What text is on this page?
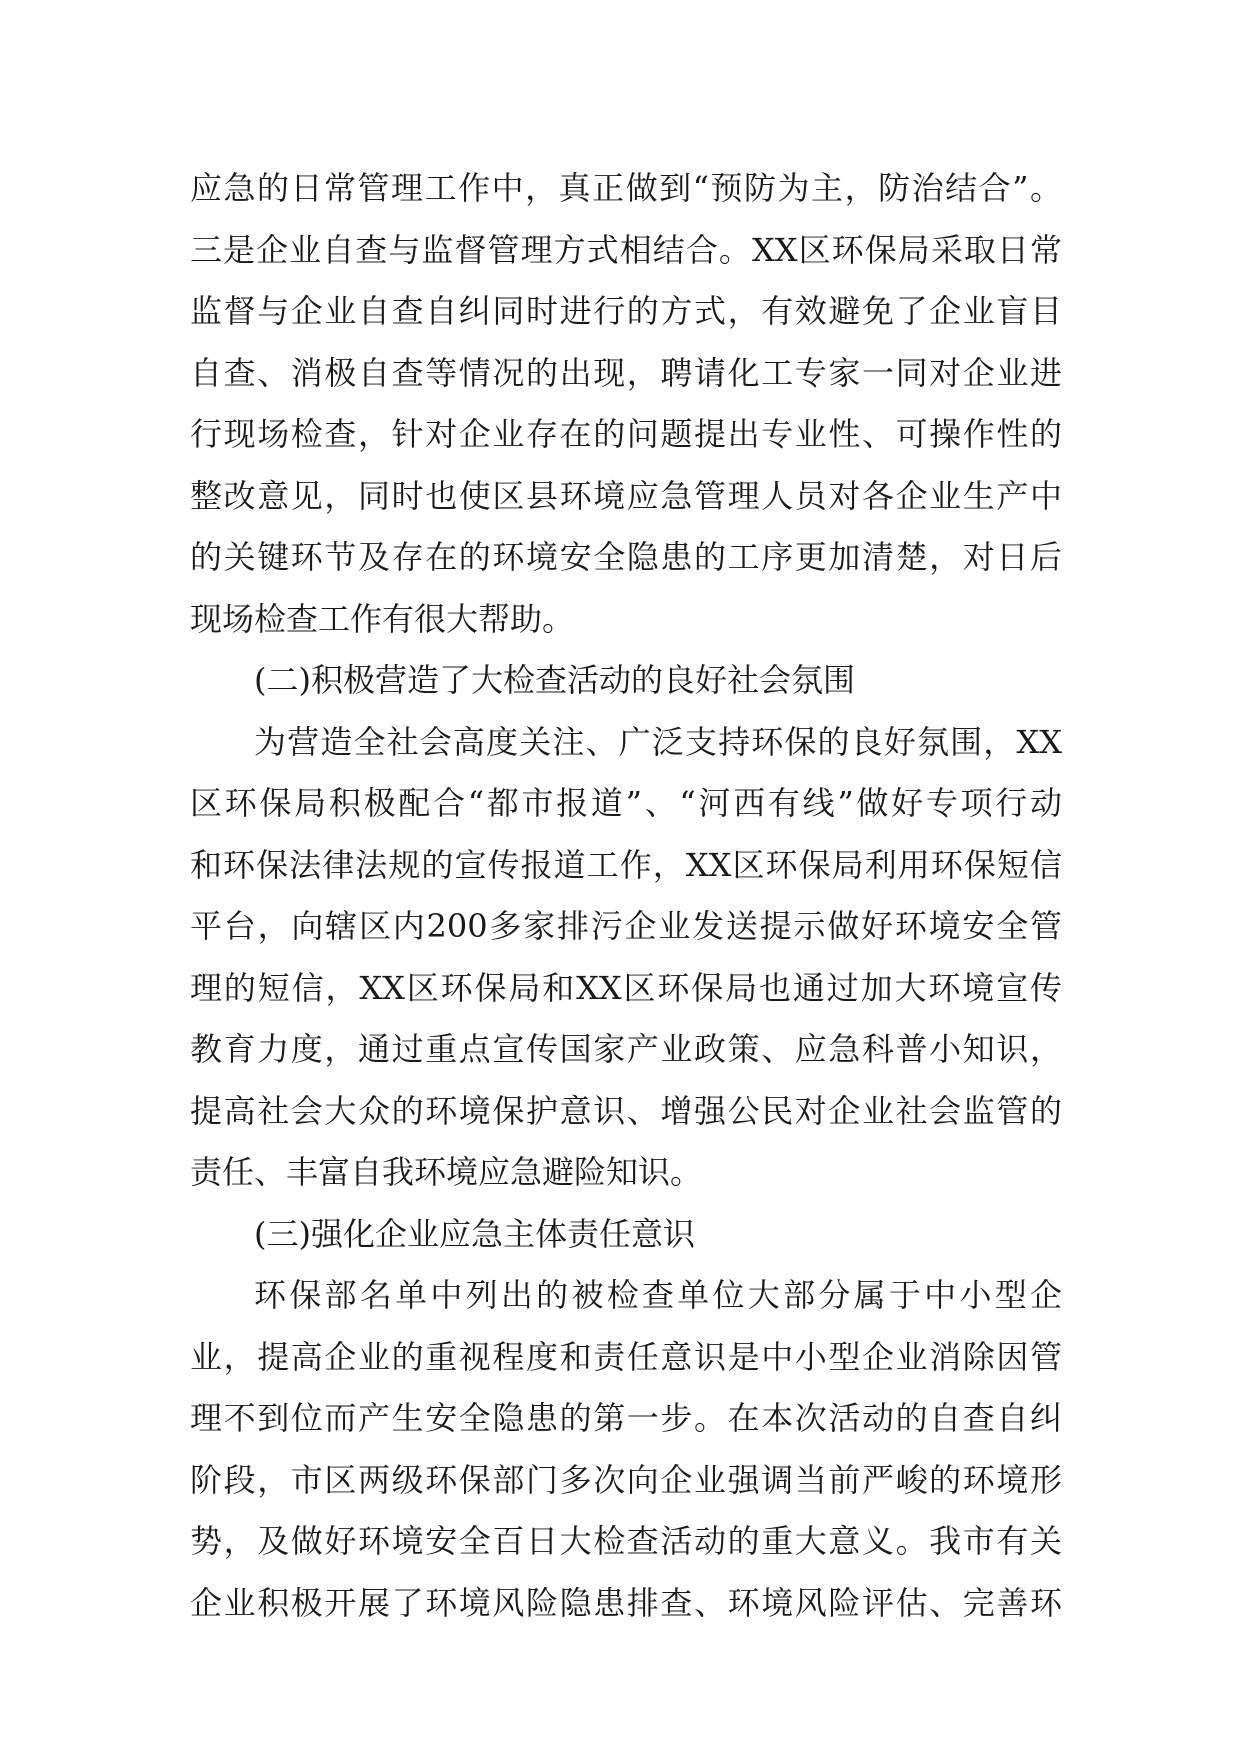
应急的日常管理工作中，真正做到“预防为主，防治结合”。
三是企业自查与监督管理方式相结合。XX区环保局采取日常
监督与企业自查自纠同时进行的方式，有效避免了企业盲目
自查、消极自查等情况的出现，聘请化工专家一同对企业进
行现场检查，针对企业存在的问题提出专业性、可操作性的
整改意见，同时也使区县环境应急管理人员对各企业生产中
的关键环节及存在的环境安全隐患的工序更加清楚，对日后
现场检查工作有很大帮助。
(二)积极营造了大检查活动的良好社会氛围
为营造全社会高度关注、广泛支持环保的良好氛围，XX
区环保局积极配合“都市报道”、“河西有线”做好专项行动
和环保法律法规的宣传报道工作，XX区环保局利用环保短信
平台，向辖区内200多家排污企业发送提示做好环境安全管
理的短信，XX区环保局和XX区环保局也通过加大环境宣传
教育力度，通过重点宣传国家产业政策、应急科普小知识，
提高社会大众的环境保护意识、增强公民对企业社会监管的
责任、丰富自我环境应急避险知识。
(三)强化企业应急主体责任意识
环保部名单中列出的被检查单位大部分属于中小型企
业，提高企业的重视程度和责任意识是中小型企业消除因管
理不到位而产生安全隐患的第一步。在本次活动的自查自纠
阶段，市区两级环保部门多次向企业强调当前严峻的环境形
势，及做好环境安全百日大检查活动的重大意义。我市有关
企业积极开展了环境风险隐患排查、环境风险评估、完善环
